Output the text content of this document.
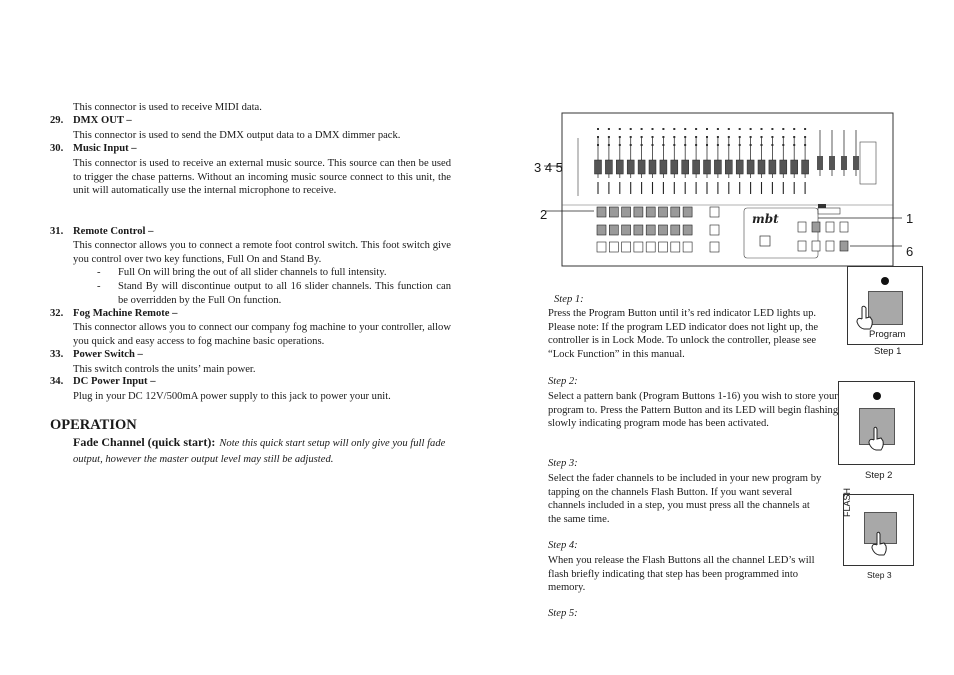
This connector is used to receive MIDI data.
29. DMX OUT –
This connector is used to send the DMX output data to a DMX dimmer pack.
30. Music Input –
This connector is used to receive an external music source. This source can then be used to trigger the chase patterns. Without an incoming music source connect to this unit, the unit will automatically use the internal microphone to receive.
31. Remote Control –
This connector allows you to connect a remote foot control switch. This foot switch give you control over two key functions, Full On and Stand By.
- Full On will bring the out of all slider channels to full intensity.
- Stand By will discontinue output to all 16 slider channels. This function can be overridden by the Full On function.
32. Fog Machine Remote –
This connector allows you to connect our company fog machine to your controller, allow you quick and easy access to fog machine basic operations.
33. Power Switch –
This switch controls the units’ main power.
34. DC Power Input –
Plug in your DC 12V/500mA power supply to this jack to power your unit.
OPERATION
Fade Channel (quick start): Note this quick start setup will only give you full fade output, however the master output level may still be adjusted.
mbt
3 4 5
2	1
6
Step 1:
Press the Program Button until it’s red indicator LED lights up. Please note: If the program LED indicator does not light up, the controller is in Lock Mode. To unlock the controller, please see “Lock Function” in this manual.
Step 2:
Select a pattern bank (Program Buttons 1-16) you wish to store your program to. Press the Pattern Button and its LED will begin flashing slowly indicating program mode has been activated.
Step 3:
Select the fader channels to be included in your new program by tapping on the channels Flash Button. If you want several channels included in a step, you must press all the channels at the same time.
Step 4:
When you release the Flash Buttons all the channel LED’s will flash briefly indicating that step has been programmed into memory.
Step 5:
Program
Step 1
Step 2
FLASH
Step 3
